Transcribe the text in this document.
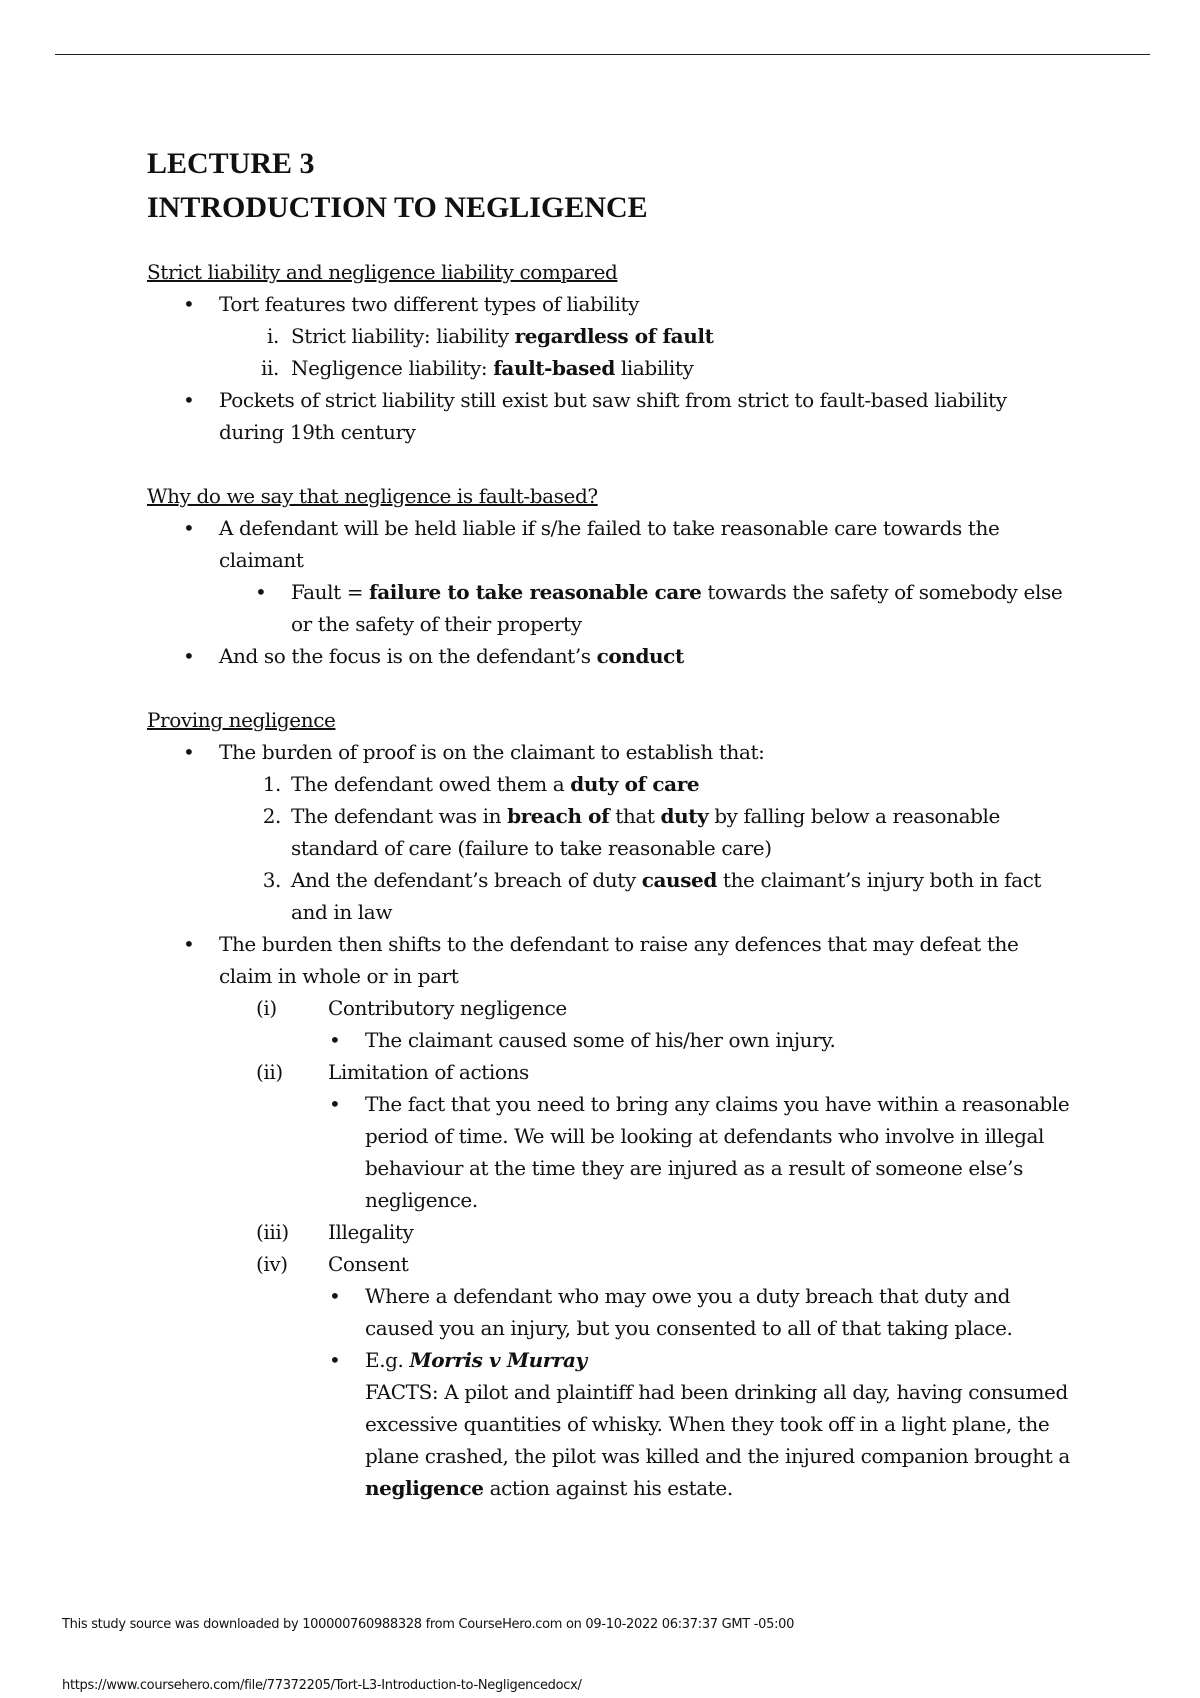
LECTURE 3
INTRODUCTION TO NEGLIGENCE

Strict liability and negligence liability compared

• Tort features two different types of liability
i. Strict liability: liability regardless of fault
ii. Negligence liability: fault-based liability
• Pockets of strict liability still exist but saw shift from strict to fault-based liability during 19th century

Why do we say that negligence is fault-based?

• A defendant will be held liable if s/he failed to take reasonable care towards the claimant
• Fault = failure to take reasonable care towards the safety of somebody else or the safety of their property
• And so the focus is on the defendant’s conduct

Proving negligence

• The burden of proof is on the claimant to establish that:
1. The defendant owed them a duty of care
2. The defendant was in breach of that duty by falling below a reasonable standard of care (failure to take reasonable care)
3. And the defendant’s breach of duty caused the claimant’s injury both in fact and in law
• The burden then shifts to the defendant to raise any defences that may defeat the claim in whole or in part
(i)	Contributory negligence
• The claimant caused some of his/her own injury.
(ii) Limitation of actions
• The fact that you need to bring any claims you have within a reasonable period of time. We will be looking at defendants who involve in illegal behaviour at the time they are injured as a result of someone else’s negligence.
(iii) Illegality
(iv) Consent
• Where a defendant who may owe you a duty breach that duty and caused you an injury, but you consented to all of that taking place.
• E.g. Morris v Murray
FACTS: A pilot and plaintiff had been drinking all day, having consumed excessive quantities of whisky. When they took off in a light plane, the plane crashed, the pilot was killed and the injured companion brought a negligence action against his estate.
This study source was downloaded by 100000760988328 from CourseHero.com on 09-10-2022 06:37:37 GMT -05:00
https://www.coursehero.com/file/77372205/Tort-L3-Introduction-to-Negligencedocx/
